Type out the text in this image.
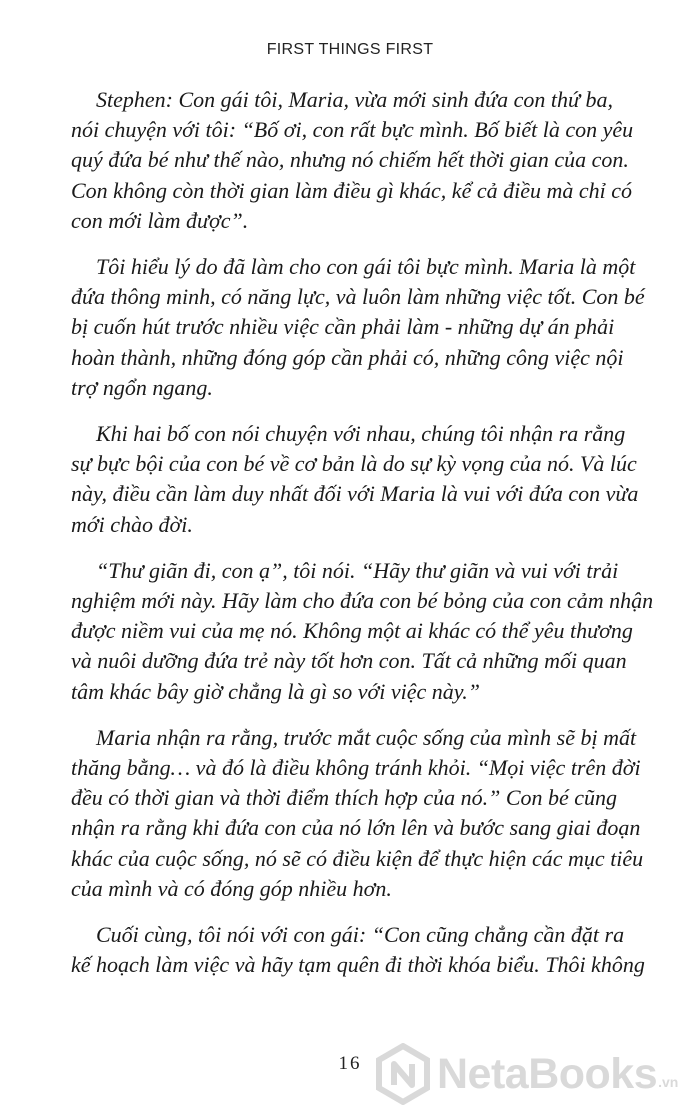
FIRST THINGS FIRST
Stephen: Con gái tôi, Maria, vừa mới sinh đứa con thứ ba,
nói chuyện với tôi: “Bố ơi, con rất bực mình. Bố biết là con yêu
quý đứa bé như thế nào, nhưng nó chiếm hết thời gian của con.
Con không còn thời gian làm điều gì khác, kể cả điều mà chỉ có
con mới làm được”.
Tôi hiểu lý do đã làm cho con gái tôi bực mình. Maria là một
đứa thông minh, có năng lực, và luôn làm những việc tốt. Con bé
bị cuốn hút trước nhiều việc cần phải làm - những dự án phải
hoàn thành, những đóng góp cần phải có, những công việc nội
trợ ngổn ngang.
Khi hai bố con nói chuyện với nhau, chúng tôi nhận ra rằng
sự bực bội của con bé về cơ bản là do sự kỳ vọng của nó. Và lúc
này, điều cần làm duy nhất đối với Maria là vui với đứa con vừa
mới chào đời.
“Thư giãn đi, con ạ”, tôi nói. “Hãy thư giãn và vui với trải
nghiệm mới này. Hãy làm cho đứa con bé bỏng của con cảm nhận
được niềm vui của mẹ nó. Không một ai khác có thể yêu thương
và nuôi dưỡng đứa trẻ này tốt hơn con. Tất cả những mối quan
tâm khác bây giờ chẳng là gì so với việc này.”
Maria nhận ra rằng, trước mắt cuộc sống của mình sẽ bị mất
thăng bằng… và đó là điều không tránh khỏi. “Mọi việc trên đời
đều có thời gian và thời điểm thích hợp của nó.” Con bé cũng
nhận ra rằng khi đứa con của nó lớn lên và bước sang giai đoạn
khác của cuộc sống, nó sẽ có điều kiện để thực hiện các mục tiêu
của mình và có đóng góp nhiều hơn.
Cuối cùng, tôi nói với con gái: “Con cũng chẳng cần đặt ra
kế hoạch làm việc và hãy tạm quên đi thời khóa biểu. Thôi không
16	NetaBooks .vn
